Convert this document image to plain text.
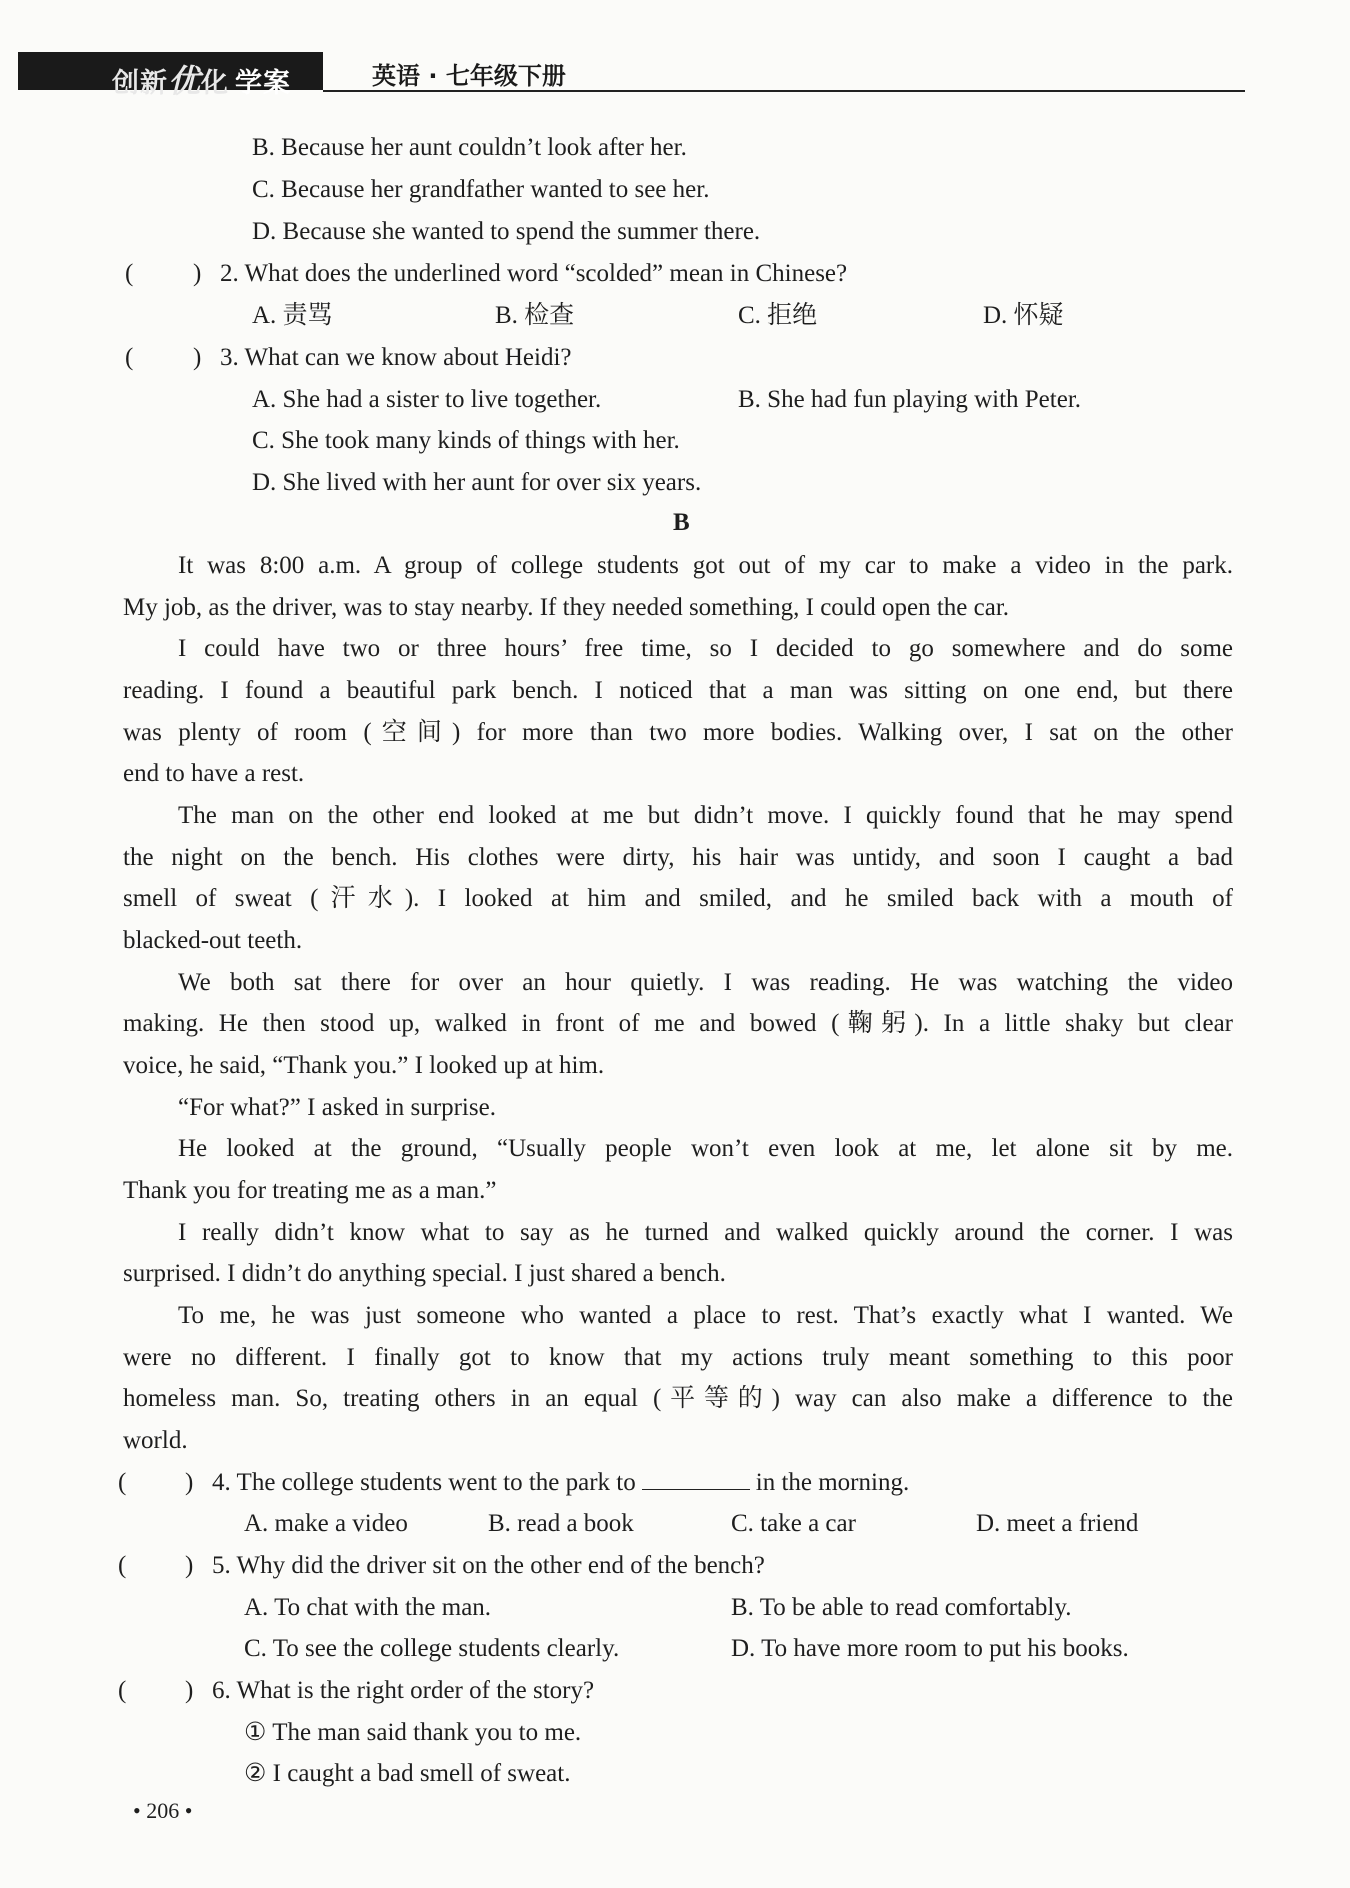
创新优化 学案	英语 · 七年级下册
B. Because her aunt couldn’t look after her.
C. Because her grandfather wanted to see her.
D. Because she wanted to spend the summer there.
( ) 2. What does the underlined word “scolded” mean in Chinese?
A. 责骂	B. 检查	C. 拒绝	D. 怀疑
( ) 3. What can we know about Heidi?
A. She had a sister to live together.	B. She had fun playing with Peter.
C. She took many kinds of things with her.
D. She lived with her aunt for over six years.
B
It was 8:00 a.m. A group of college students got out of my car to make a video in the park.
My job, as the driver, was to stay nearby. If they needed something, I could open the car.
I could have two or three hours’ free time, so I decided to go somewhere and do some
reading. I found a beautiful park bench. I noticed that a man was sitting on one end, but there
was plenty of room (空间) for more than two more bodies. Walking over, I sat on the other
end to have a rest.
The man on the other end looked at me but didn’t move. I quickly found that he may spend
the night on the bench. His clothes were dirty, his hair was untidy, and soon I caught a bad
smell of sweat (汗水). I looked at him and smiled, and he smiled back with a mouth of
blacked-out teeth.
We both sat there for over an hour quietly. I was reading. He was watching the video
making. He then stood up, walked in front of me and bowed (鞠躬). In a little shaky but clear
voice, he said, “Thank you.” I looked up at him.
“For what?” I asked in surprise.
He looked at the ground, “Usually people won’t even look at me, let alone sit by me.
Thank you for treating me as a man.”
I really didn’t know what to say as he turned and walked quickly around the corner. I was
surprised. I didn’t do anything special. I just shared a bench.
To me, he was just someone who wanted a place to rest. That’s exactly what I wanted. We
were no different. I finally got to know that my actions truly meant something to this poor
homeless man. So, treating others in an equal (平等的) way can also make a difference to the
world.
( ) 4. The college students went to the park to	in the morning.
A. make a video	B. read a book	C. take a car	D. meet a friend
( ) 5. Why did the driver sit on the other end of the bench?
A. To chat with the man.	B. To be able to read comfortably.
C. To see the college students clearly.	D. To have more room to put his books.
( ) 6. What is the right order of the story?
① The man said thank you to me.
② I caught a bad smell of sweat.
• 206 •
